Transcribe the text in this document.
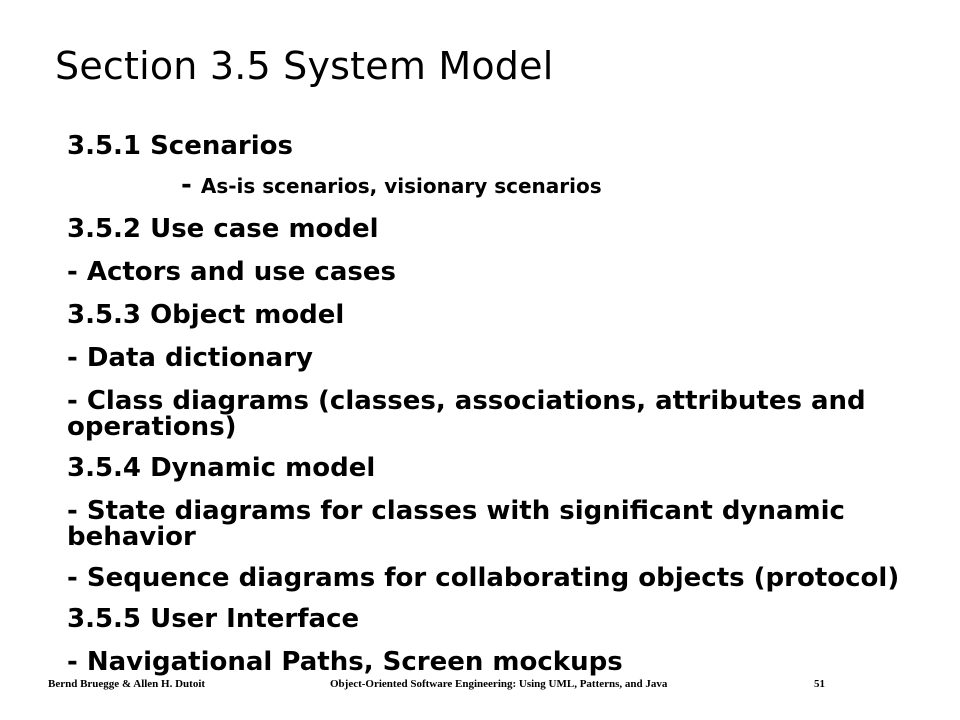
Section 3.5 System Model
3.5.1 Scenarios
- As-is scenarios, visionary scenarios
3.5.2 Use case model
- Actors and use cases
3.5.3 Object model
- Data dictionary
- Class diagrams (classes, associations, attributes and operations)
3.5.4 Dynamic model
- State diagrams for classes with significant dynamic behavior
- Sequence diagrams for collaborating objects (protocol)
3.5.5 User Interface
- Navigational Paths, Screen mockups
Bernd Bruegge & Allen H. Dutoit	Object-Oriented Software Engineering: Using UML, Patterns, and Java	51
